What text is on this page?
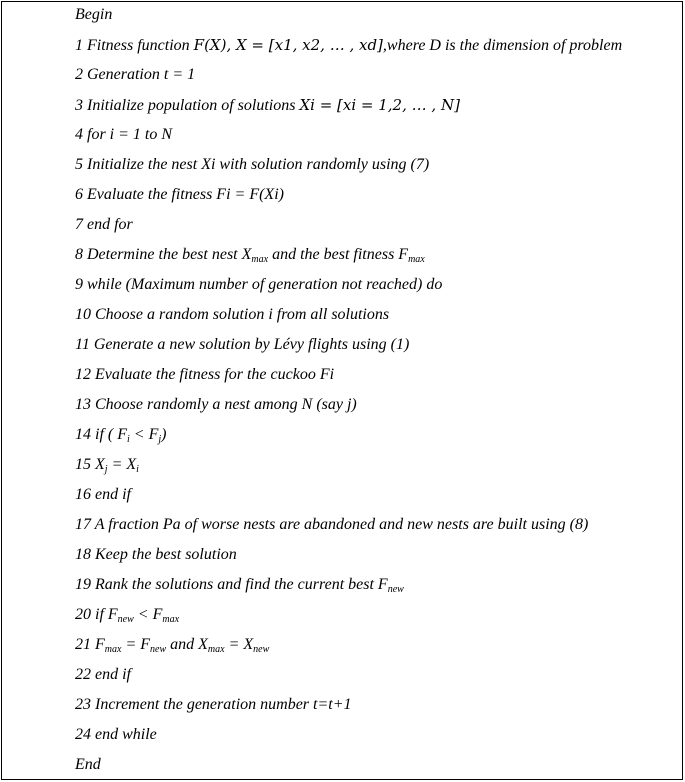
Begin
1 Fitness function F(X), X = [x1, x2, … , xd],where D is the dimension of problem
2 Generation t = 1
3 Initialize population of solutions Xi = [xi = 1,2, … , N]
4 for i = 1 to N
5 Initialize the nest Xi with solution randomly using (7)
6 Evaluate the fitness Fi = F(Xi)
7 end for
8 Determine the best nest $X_{max}$ and the best fitness $F_{max}$
9 while (Maximum number of generation not reached) do
10 Choose a random solution i from all solutions
11 Generate a new solution by Lévy flights using (1)
12 Evaluate the fitness for the cuckoo Fi
13 Choose randomly a nest among N (say j)
14 if ( $F_i < F_j$)
15 $X_j = X_i$
16 end if
17 A fraction Pa of worse nests are abandoned and new nests are built using (8)
18 Keep the best solution
19 Rank the solutions and find the current best $F_{new}$
20 if $F_{new} < F_{max}$
21 $F_{max} = F_{new}$ and $X_{max} = X_{new}$
22 end if
23 Increment the generation number t=t+1
24 end while
End
